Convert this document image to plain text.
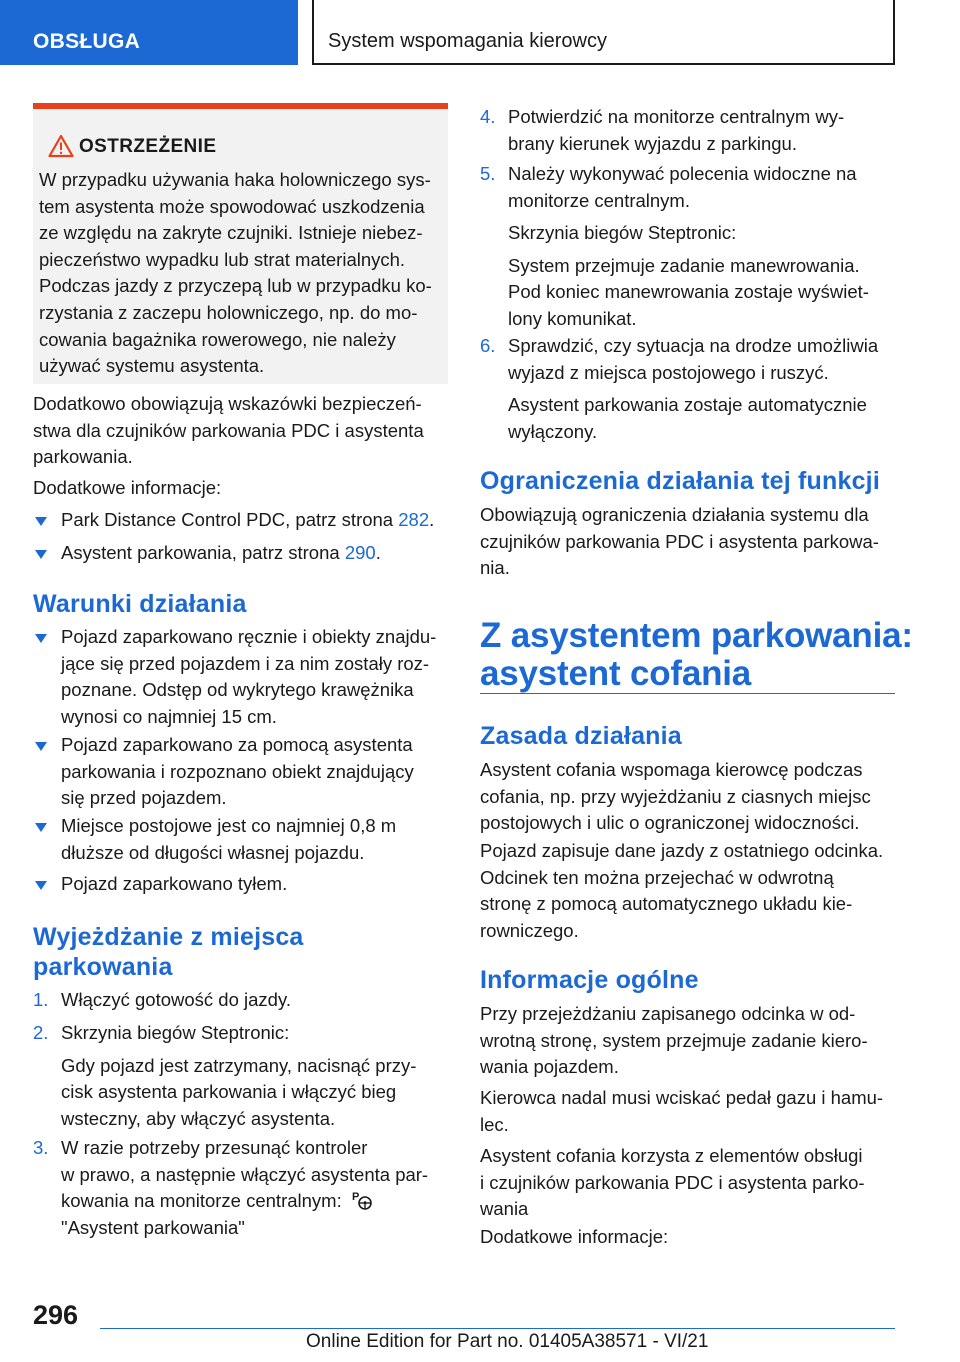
OBSŁUGA	System wspomagania kierowcy
OSTRZEŻENIE
W przypadku używania haka holowniczego sys-
tem asystenta może spowodować uszkodzenia
ze względu na zakryte czujniki. Istnieje niebez-
pieczeństwo wypadku lub strat materialnych.
Podczas jazdy z przyczepą lub w przypadku ko-
rzystania z zaczepu holowniczego, np. do mo-
cowania bagażnika rowerowego, nie należy
używać systemu asystenta.
Dodatkowo obowiązują wskazówki bezpieczeń-
stwa dla czujników parkowania PDC i asystenta
parkowania.
Dodatkowe informacje:
Park Distance Control PDC, patrz strona 282.
Asystent parkowania, patrz strona 290.
Warunki działania
Pojazd zaparkowano ręcznie i obiekty znajdu-
jące się przed pojazdem i za nim zostały roz-
poznane. Odstęp od wykrytego krawężnika
wynosi co najmniej 15 cm.
Pojazd zaparkowano za pomocą asystenta
parkowania i rozpoznano obiekt znajdujący
się przed pojazdem.
Miejsce postojowe jest co najmniej 0,8 m
dłuższe od długości własnej pojazdu.
Pojazd zaparkowano tyłem.
Wyjeżdżanie z miejsca
parkowania
1. Włączyć gotowość do jazdy.
2. Skrzynia biegów Steptronic:
Gdy pojazd jest zatrzymany, nacisnąć przy-
cisk asystenta parkowania i włączyć bieg
wsteczny, aby włączyć asystenta.
3. W razie potrzeby przesunąć kontroler
w prawo, a następnie włączyć asystenta par-
kowania na monitorze centralnym: P
"Asystent parkowania"
4. Potwierdzić na monitorze centralnym wy-
brany kierunek wyjazdu z parkingu.
5. Należy wykonywać polecenia widoczne na
monitorze centralnym.
Skrzynia biegów Steptronic:
System przejmuje zadanie manewrowania.
Pod koniec manewrowania zostaje wyświet-
lony komunikat.
6. Sprawdzić, czy sytuacja na drodze umożliwia
wyjazd z miejsca postojowego i ruszyć.
Asystent parkowania zostaje automatycznie
wyłączony.
Ograniczenia działania tej funkcji
Obowiązują ograniczenia działania systemu dla
czujników parkowania PDC i asystenta parkowa-
nia.
Z asystentem parkowania:
asystent cofania
Zasada działania
Asystent cofania wspomaga kierowcę podczas
cofania, np. przy wyjeżdżaniu z ciasnych miejsc
postojowych i ulic o ograniczonej widoczności.
Pojazd zapisuje dane jazdy z ostatniego odcinka.
Odcinek ten można przejechać w odwrotną
stronę z pomocą automatycznego układu kie-
rowniczego.
Informacje ogólne
Przy przejeżdżaniu zapisanego odcinka w od-
wrotną stronę, system przejmuje zadanie kiero-
wania pojazdem.
Kierowca nadal musi wciskać pedał gazu i hamu-
lec.
Asystent cofania korzysta z elementów obsługi
i czujników parkowania PDC i asystenta parko-
wania
Dodatkowe informacje:
296
Online Edition for Part no. 01405A38571 - VI/21
